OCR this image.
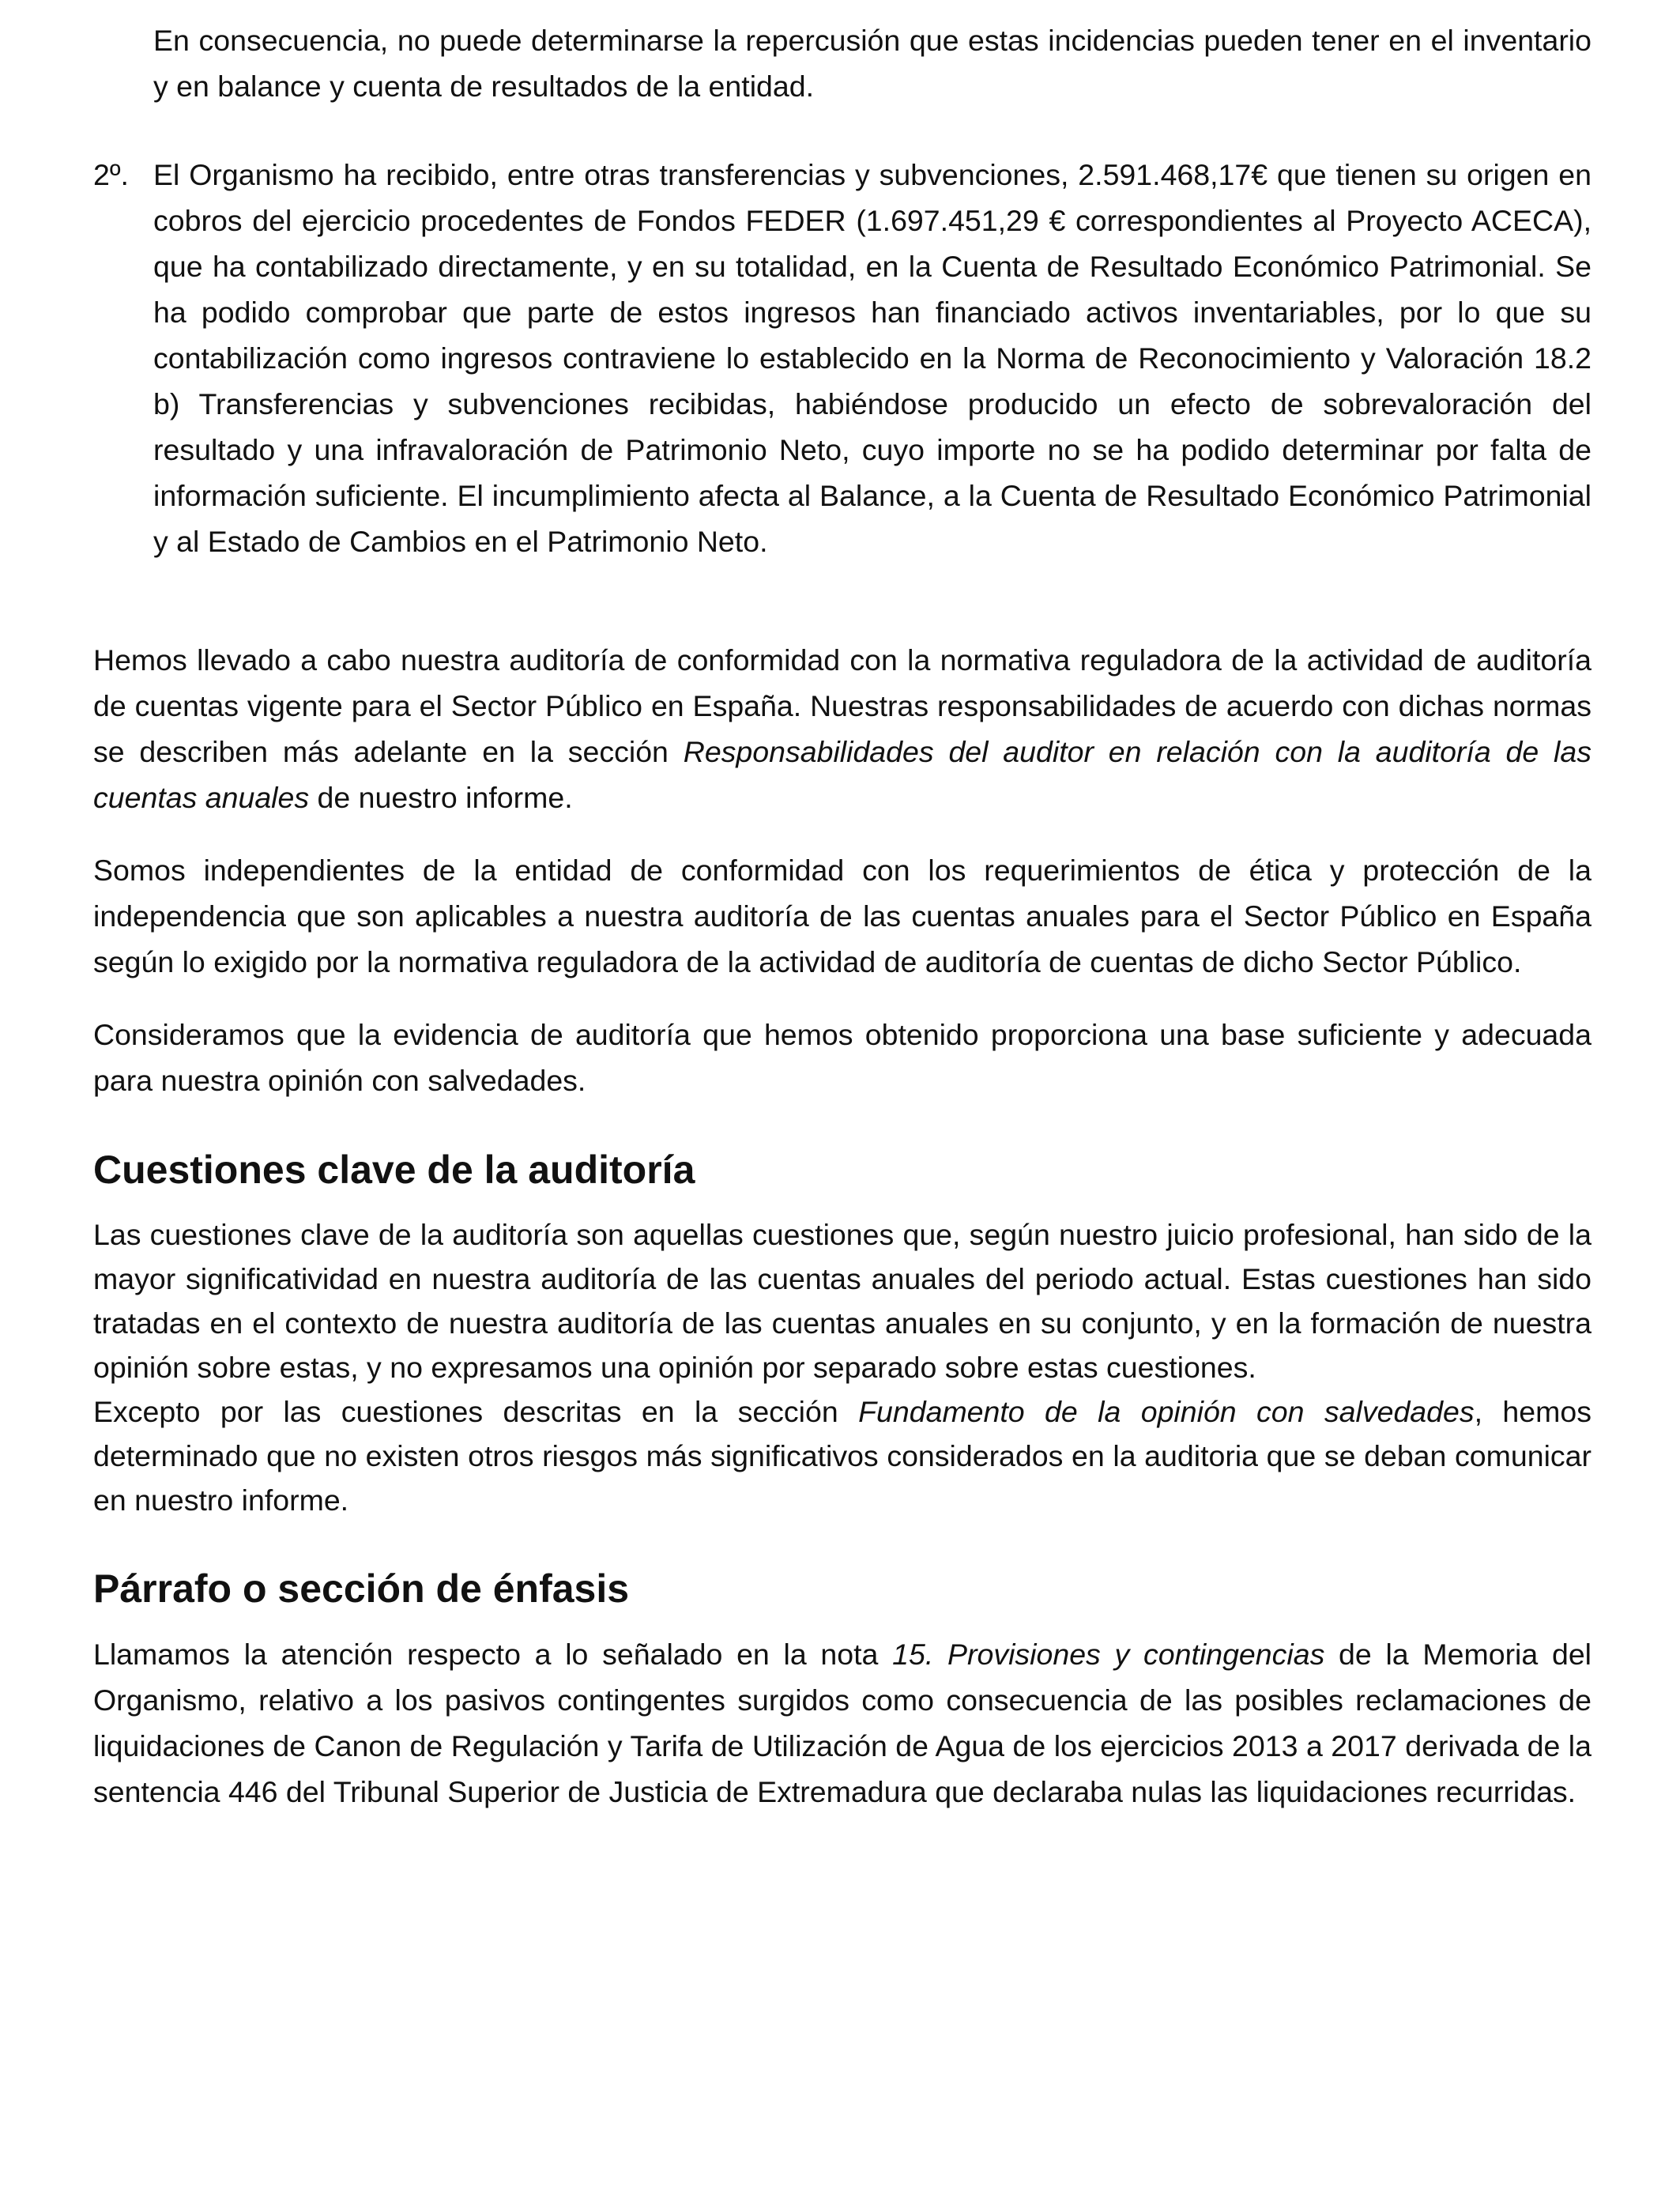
En consecuencia, no puede determinarse la repercusión que estas incidencias pueden tener en el inventario y en balance y cuenta de resultados de la entidad.

2º. El Organismo ha recibido, entre otras transferencias y subvenciones, 2.591.468,17€ que tienen su origen en cobros del ejercicio procedentes de Fondos FEDER (1.697.451,29 € correspondientes al Proyecto ACECA), que ha contabilizado directamente, y en su totalidad, en la Cuenta de Resultado Económico Patrimonial. Se ha podido comprobar que parte de estos ingresos han financiado activos inventariables, por lo que su contabilización como ingresos contraviene lo establecido en la Norma de Reconocimiento y Valoración 18.2 b) Transferencias y subvenciones recibidas, habiéndose producido un efecto de sobrevaloración del resultado y una infravaloración de Patrimonio Neto, cuyo importe no se ha podido determinar por falta de información suficiente. El incumplimiento afecta al Balance, a la Cuenta de Resultado Económico Patrimonial y al Estado de Cambios en el Patrimonio Neto.

Hemos llevado a cabo nuestra auditoría de conformidad con la normativa reguladora de la actividad de auditoría de cuentas vigente para el Sector Público en España. Nuestras responsabilidades de acuerdo con dichas normas se describen más adelante en la sección Responsabilidades del auditor en relación con la auditoría de las cuentas anuales de nuestro informe.

Somos independientes de la entidad de conformidad con los requerimientos de ética y protección de la independencia que son aplicables a nuestra auditoría de las cuentas anuales para el Sector Público en España según lo exigido por la normativa reguladora de la actividad de auditoría de cuentas de dicho Sector Público.

Consideramos que la evidencia de auditoría que hemos obtenido proporciona una base suficiente y adecuada para nuestra opinión con salvedades.

Cuestiones clave de la auditoría

Las cuestiones clave de la auditoría son aquellas cuestiones que, según nuestro juicio profesional, han sido de la mayor significatividad en nuestra auditoría de las cuentas anuales del periodo actual. Estas cuestiones han sido tratadas en el contexto de nuestra auditoría de las cuentas anuales en su conjunto, y en la formación de nuestra opinión sobre estas, y no expresamos una opinión por separado sobre estas cuestiones.

Excepto por las cuestiones descritas en la sección Fundamento de la opinión con salvedades, hemos determinado que no existen otros riesgos más significativos considerados en la auditoria que se deban comunicar en nuestro informe.

Párrafo o sección de énfasis

Llamamos la atención respecto a lo señalado en la nota 15. Provisiones y contingencias de la Memoria del Organismo, relativo a los pasivos contingentes surgidos como consecuencia de las posibles reclamaciones de liquidaciones de Canon de Regulación y Tarifa de Utilización de Agua de los ejercicios 2013 a 2017 derivada de la sentencia 446 del Tribunal Superior de Justicia de Extremadura que declaraba nulas las liquidaciones recurridas.
